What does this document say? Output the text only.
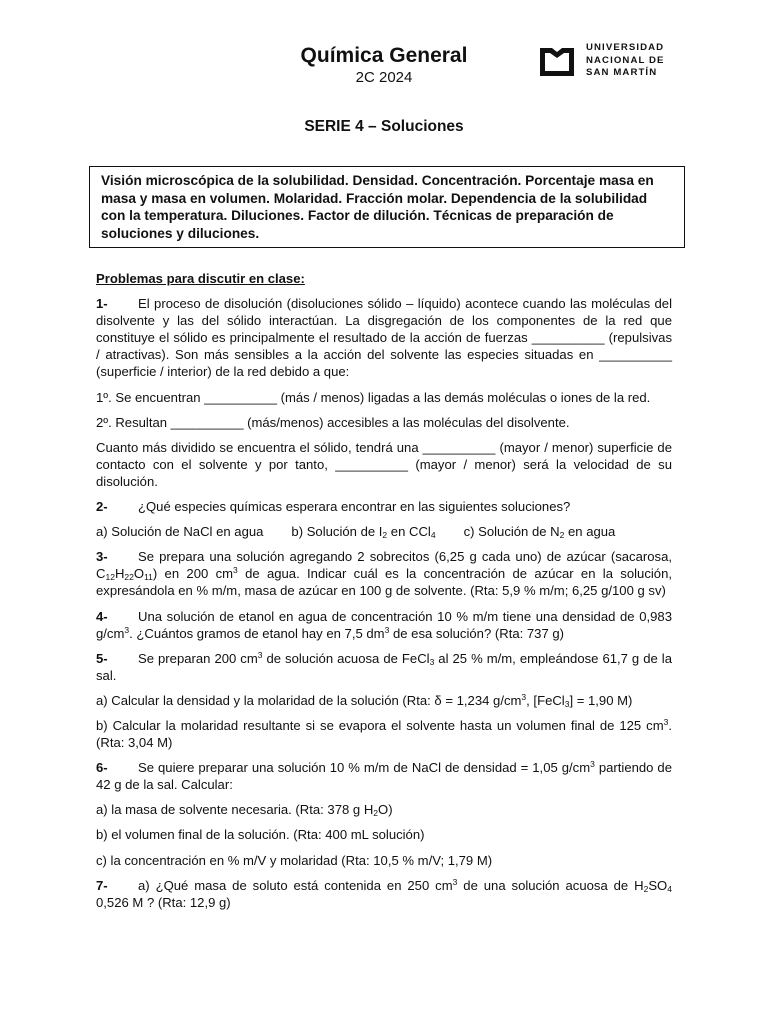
Química General
2C 2024
UNIVERSIDAD
NACIONAL DE
SAN MARTÍN
SERIE 4 – Soluciones
Visión microscópica de la solubilidad. Densidad. Concentración. Porcentaje masa en masa y masa en volumen. Molaridad. Fracción molar. Dependencia de la solubilidad con la temperatura. Diluciones. Factor de dilución. Técnicas de preparación de soluciones y diluciones.
Problemas para discutir en clase:

1- El proceso de disolución (disoluciones sólido – líquido) acontece cuando las moléculas del disolvente y las del sólido interactúan. La disgregación de los componentes de la red que constituye el sólido es principalmente el resultado de la acción de fuerzas __________ (repulsivas / atractivas). Son más sensibles a la acción del solvente las especies situadas en __________ (superficie / interior) de la red debido a que:

1º. Se encuentran __________ (más / menos) ligadas a las demás moléculas o iones de la red.

2º. Resultan __________ (más/menos) accesibles a las moléculas del disolvente.

Cuanto más dividido se encuentra el sólido, tendrá una __________ (mayor / menor) superficie de contacto con el solvente y por tanto, __________ (mayor / menor) será la velocidad de su disolución.

2- ¿Qué especies químicas esperara encontrar en las siguientes soluciones?

a) Solución de NaCl en agua b) Solución de $I_2$ en CCl$_4$ c) Solución de $N_2$ en agua

3- Se prepara una solución agregando 2 sobrecitos (6,25 g cada uno) de azúcar (sacarosa, $C_{12}H_{22}O_{11}$) en 200 $cm^3$ de agua. Indicar cuál es la concentración de azúcar en la solución, expresándola en % m/m, masa de azúcar en 100 g de solvente. (Rta: 5,9 % m/m; 6,25 g/100 g sv)

4- Una solución de etanol en agua de concentración 10 % m/m tiene una densidad de 0,983 $g/cm^3$. ¿Cuántos gramos de etanol hay en 7,5 $dm^3$ de esa solución? (Rta: 737 g)

5- Se preparan 200 $cm^3$ de solución acuosa de FeCl$_3$ al 25 % m/m, empleándose 61,7 g de la sal.

a) Calcular la densidad y la molaridad de la solución (Rta: δ = 1,234 $g/cm^3$, [FeCl$_3$] = 1,90 M)

b) Calcular la molaridad resultante si se evapora el solvente hasta un volumen final de 125 $cm^3$. (Rta: 3,04 M)

6- Se quiere preparar una solución 10 % m/m de NaCl de densidad = 1,05 $g/cm^3$ partiendo de 42 g de la sal. Calcular:

a) la masa de solvente necesaria. (Rta: 378 g $H_2O$)

b) el volumen final de la solución. (Rta: 400 mL solución)

c) la concentración en % m/V y molaridad (Rta: 10,5 % m/V; 1,79 M)

7- a) ¿Qué masa de soluto está contenida en 250 $cm^3$ de una solución acuosa de $H_2SO_4$ 0,526 M ? (Rta: 12,9 g)
